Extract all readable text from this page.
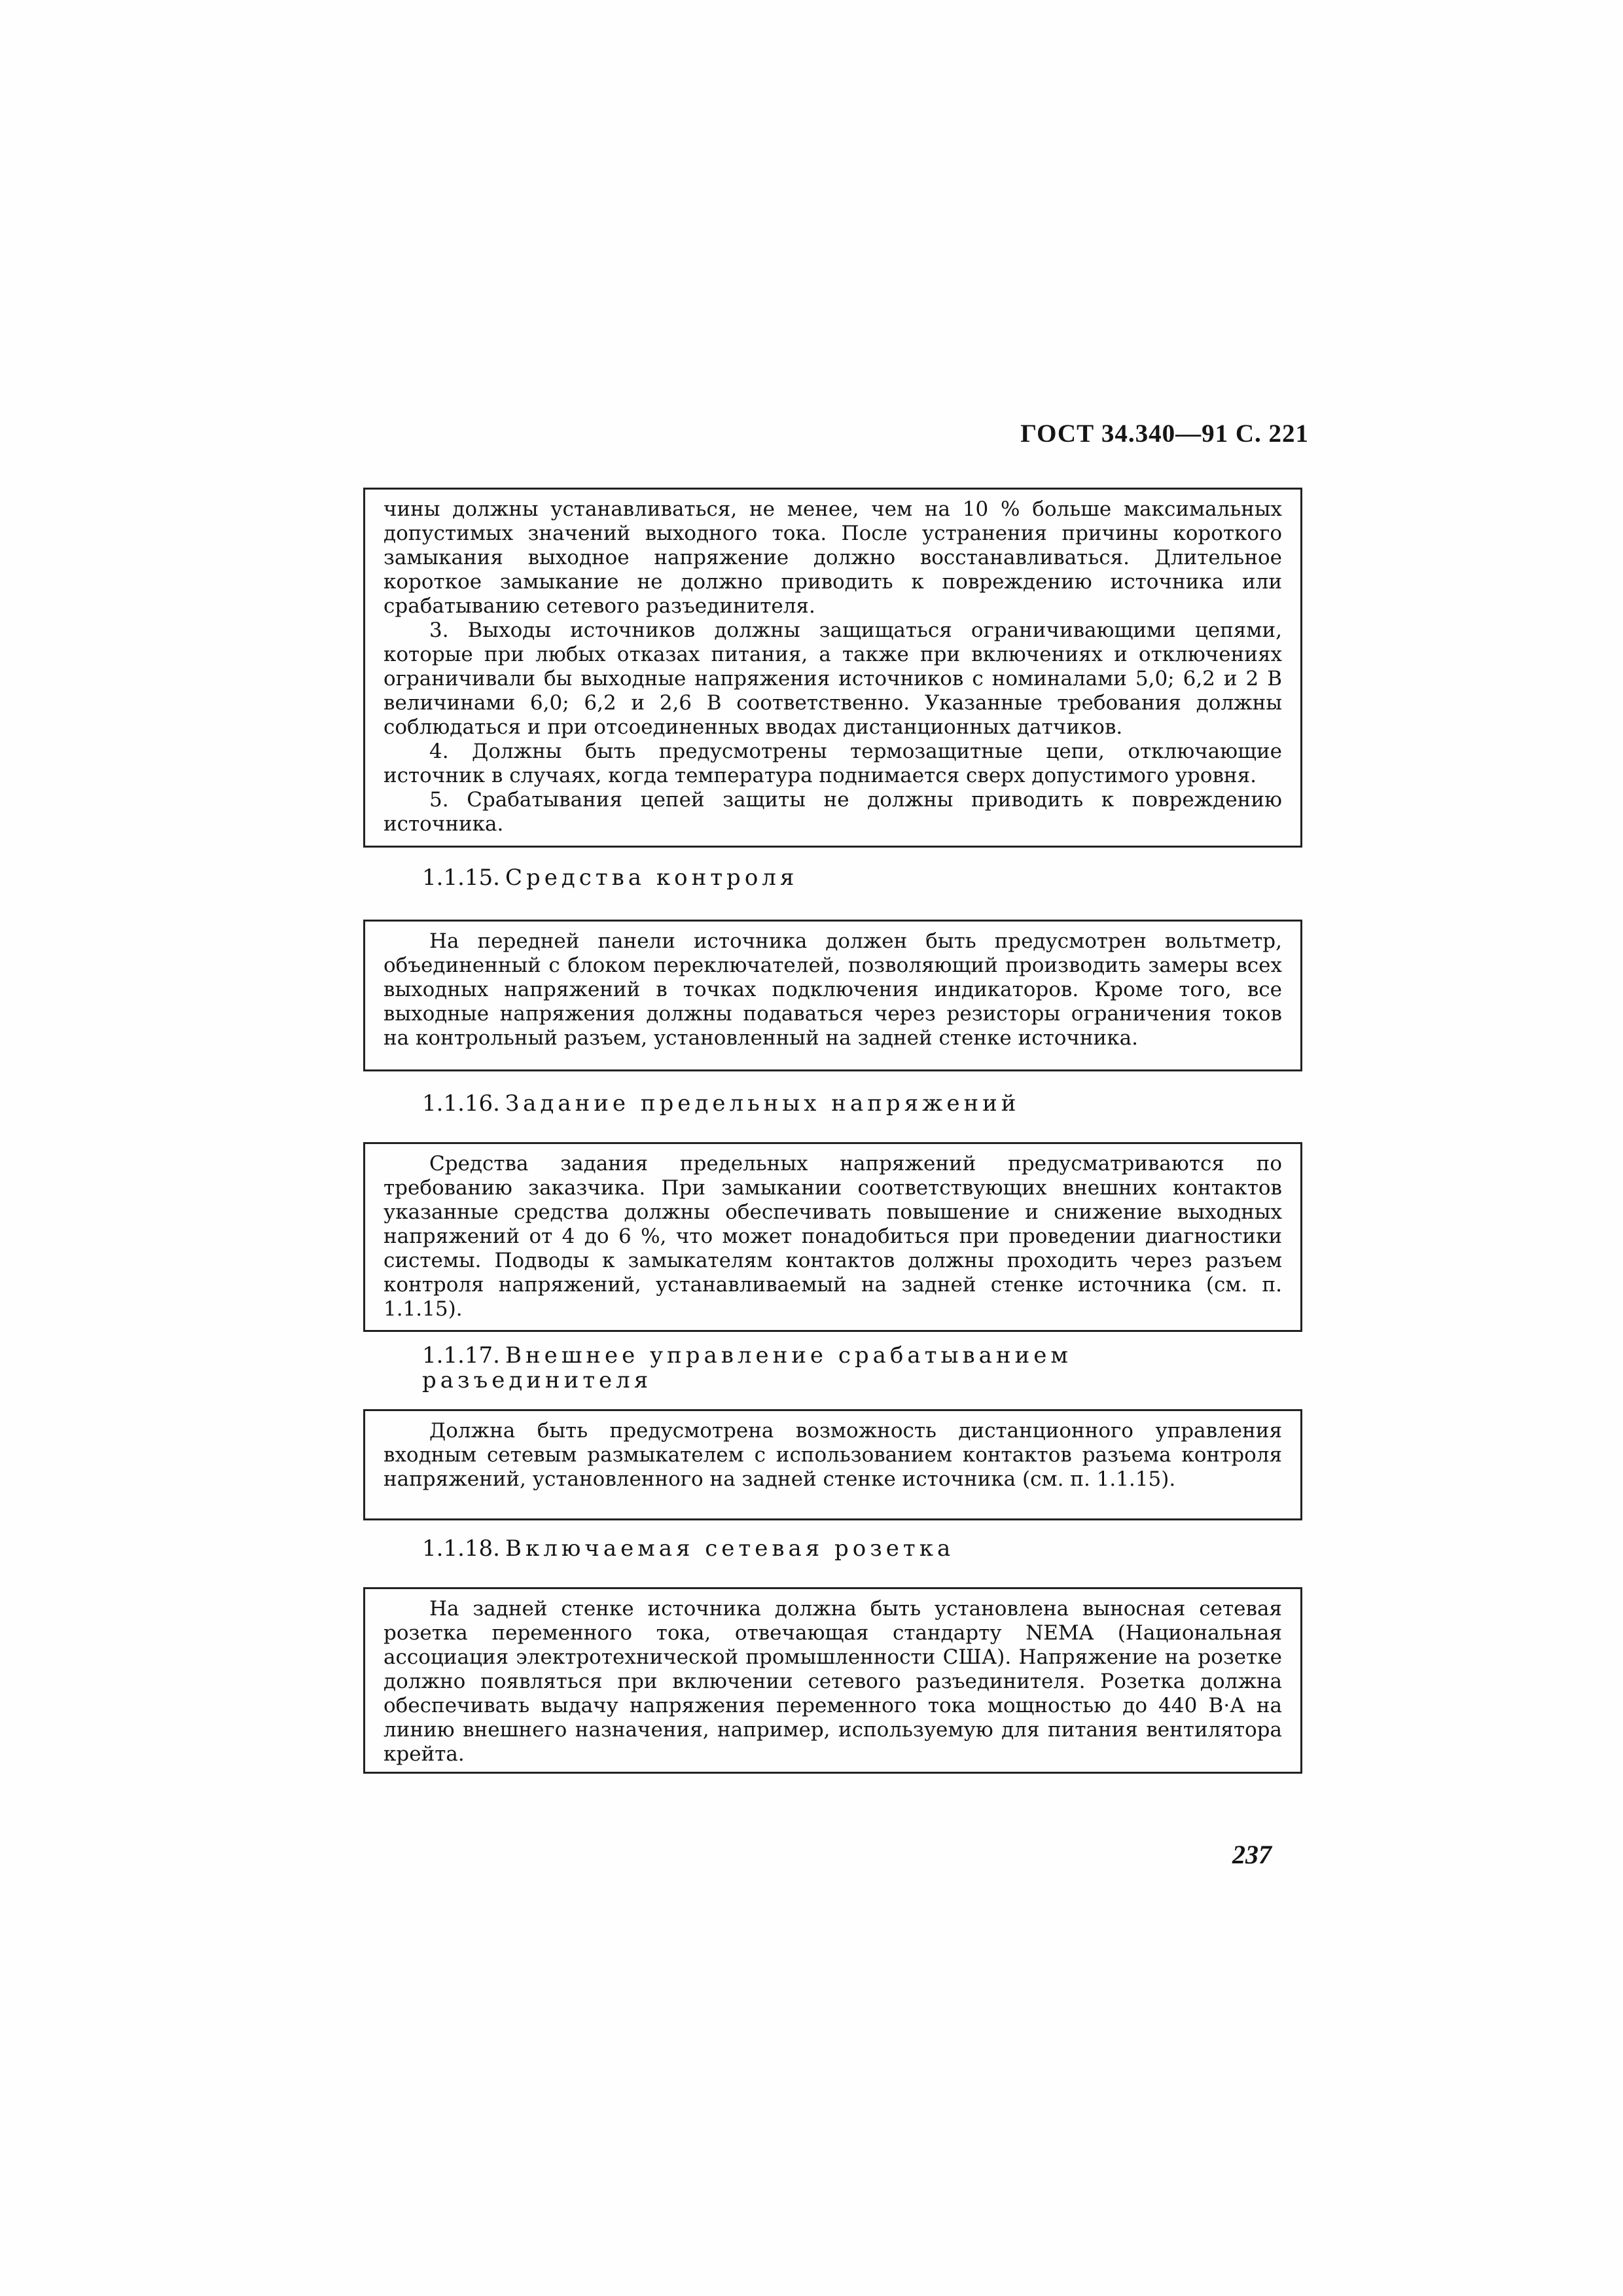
ГОСТ 34.340—91 С. 221

чины должны устанавливаться, не менее, чем на 10 % больше максимальных допустимых значений выходного тока. После устранения причины короткого замыкания выходное напряжение должно восстанавливаться. Длительное короткое замыкание не должно приводить к повреждению источника или срабатыванию сетевого разъединителя.

3. Выходы источников должны защищаться ограничивающими цепями, которые при любых отказах питания, а также при включениях и отключениях ограничивали бы выходные напряжения источников с номиналами 5,0; 6,2 и 2 В величинами 6,0; 6,2 и 2,6 В соответственно. Указанные требования должны соблюдаться и при отсоединенных вводах дистанционных датчиков.

4. Должны быть предусмотрены термозащитные цепи, отключающие источник в случаях, когда температура поднимается сверх допустимого уровня.

5. Срабатывания цепей защиты не должны приводить к повреждению источника.

1.1.15. Средства контроля

На передней панели источника должен быть предусмотрен вольтметр, объединенный с блоком переключателей, позволяющий производить замеры всех выходных напряжений в точках подключения индикаторов. Кроме того, все выходные напряжения должны подаваться через резисторы ограничения токов на контрольный разъем, установленный на задней стенке источника.

1.1.16. Задание предельных напряжений

Средства задания предельных напряжений предусматриваются по требованию заказчика. При замыкании соответствующих внешних контактов указанные средства должны обеспечивать повышение и снижение выходных напряжений от 4 до 6 %, что может понадобиться при проведении диагностики системы. Подводы к замыкателям контактов должны проходить через разъем контроля напряжений, устанавливаемый на задней стенке источника (см. п. 1.1.15).

1.1.17. Внешнее управление срабатыванием разъединителя

Должна быть предусмотрена возможность дистанционного управления входным сетевым размыкателем с использованием контактов разъема контроля напряжений, установленного на задней стенке источника (см. п. 1.1.15).

1.1.18. Включаемая сетевая розетка

На задней стенке источника должна быть установлена выносная сетевая розетка переменного тока, отвечающая стандарту NEMA (Национальная ассоциация электротехнической промышленности США). Напряжение на розетке должно появляться при включении сетевого разъединителя. Розетка должна обеспечивать выдачу напряжения переменного тока мощностью до 440 В·А на линию внешнего назначения, например, используемую для питания вентилятора крейта.

237
